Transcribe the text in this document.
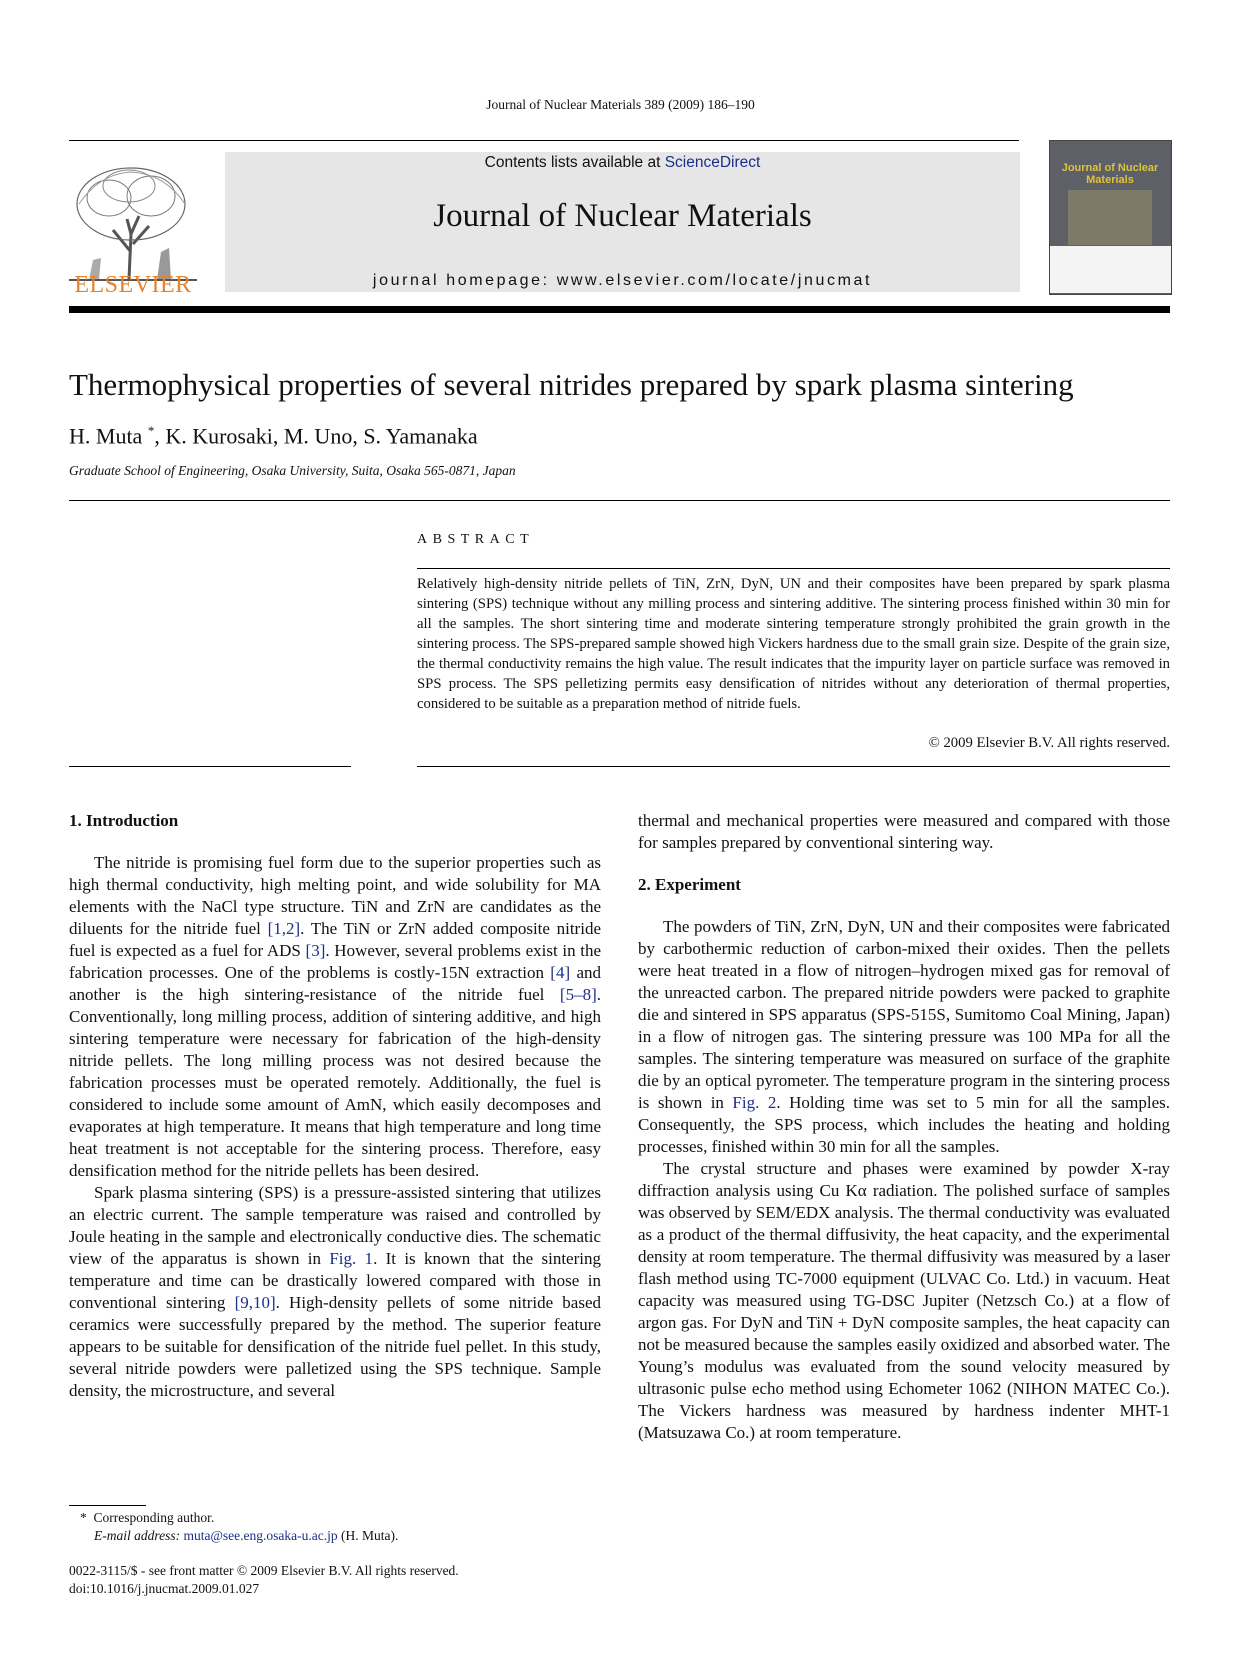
Journal of Nuclear Materials 389 (2009) 186–190
ELSEVIER
Contents lists available at ScienceDirect
Journal of Nuclear Materials
journal homepage: www.elsevier.com/locate/jnucmat
Journal of Nuclear Materials
Thermophysical properties of several nitrides prepared by spark plasma sintering
H. Muta *, K. Kurosaki, M. Uno, S. Yamanaka
Graduate School of Engineering, Osaka University, Suita, Osaka 565-0871, Japan
ABSTRACT
Relatively high-density nitride pellets of TiN, ZrN, DyN, UN and their composites have been prepared by spark plasma sintering (SPS) technique without any milling process and sintering additive. The sintering process finished within 30 min for all the samples. The short sintering time and moderate sintering temperature strongly prohibited the grain growth in the sintering process. The SPS-prepared sample showed high Vickers hardness due to the small grain size. Despite of the grain size, the thermal conductivity remains the high value. The result indicates that the impurity layer on particle surface was removed in SPS process. The SPS pelletizing permits easy densification of nitrides without any deterioration of thermal properties, considered to be suitable as a preparation method of nitride fuels.
© 2009 Elsevier B.V. All rights reserved.
1. Introduction

The nitride is promising fuel form due to the superior properties such as high thermal conductivity, high melting point, and wide solubility for MA elements with the NaCl type structure. TiN and ZrN are candidates as the diluents for the nitride fuel [1,2]. The TiN or ZrN added composite nitride fuel is expected as a fuel for ADS [3]. However, several problems exist in the fabrication processes. One of the problems is costly-15N extraction [4] and another is the high sintering-resistance of the nitride fuel [5–8]. Conventionally, long milling process, addition of sintering additive, and high sintering temperature were necessary for fabrication of the high-density nitride pellets. The long milling process was not desired because the fabrication processes must be operated remotely. Additionally, the fuel is considered to include some amount of AmN, which easily decomposes and evaporates at high temperature. It means that high temperature and long time heat treatment is not acceptable for the sintering process. Therefore, easy densification method for the nitride pellets has been desired.

Spark plasma sintering (SPS) is a pressure-assisted sintering that utilizes an electric current. The sample temperature was raised and controlled by Joule heating in the sample and electronically conductive dies. The schematic view of the apparatus is shown in Fig. 1. It is known that the sintering temperature and time can be drastically lowered compared with those in conventional sintering [9,10]. High-density pellets of some nitride based ceramics were successfully prepared by the method. The superior feature appears to be suitable for densification of the nitride fuel pellet. In this study, several nitride powders were palletized using the SPS technique. Sample density, the microstructure, and several

thermal and mechanical properties were measured and compared with those for samples prepared by conventional sintering way.

2. Experiment

The powders of TiN, ZrN, DyN, UN and their composites were fabricated by carbothermic reduction of carbon-mixed their oxides. Then the pellets were heat treated in a flow of nitrogen–hydrogen mixed gas for removal of the unreacted carbon. The prepared nitride powders were packed to graphite die and sintered in SPS apparatus (SPS-515S, Sumitomo Coal Mining, Japan) in a flow of nitrogen gas. The sintering pressure was 100 MPa for all the samples. The sintering temperature was measured on surface of the graphite die by an optical pyrometer. The temperature program in the sintering process is shown in Fig. 2. Holding time was set to 5 min for all the samples. Consequently, the SPS process, which includes the heating and holding processes, finished within 30 min for all the samples.

The crystal structure and phases were examined by powder X-ray diffraction analysis using Cu Kα radiation. The polished surface of samples was observed by SEM/EDX analysis. The thermal conductivity was evaluated as a product of the thermal diffusivity, the heat capacity, and the experimental density at room temperature. The thermal diffusivity was measured by a laser flash method using TC-7000 equipment (ULVAC Co. Ltd.) in vacuum. Heat capacity was measured using TG-DSC Jupiter (Netzsch Co.) at a flow of argon gas. For DyN and TiN + DyN composite samples, the heat capacity can not be measured because the samples easily oxidized and absorbed water. The Young’s modulus was evaluated from the sound velocity measured by ultrasonic pulse echo method using Echometer 1062 (NIHON MATEC Co.). The Vickers hardness was measured by hardness indenter MHT-1 (Matsuzawa Co.) at room temperature.

* Corresponding author.
E-mail address: muta@see.eng.osaka-u.ac.jp (H. Muta).
0022-3115/$ - see front matter © 2009 Elsevier B.V. All rights reserved.
doi:10.1016/j.jnucmat.2009.01.027
